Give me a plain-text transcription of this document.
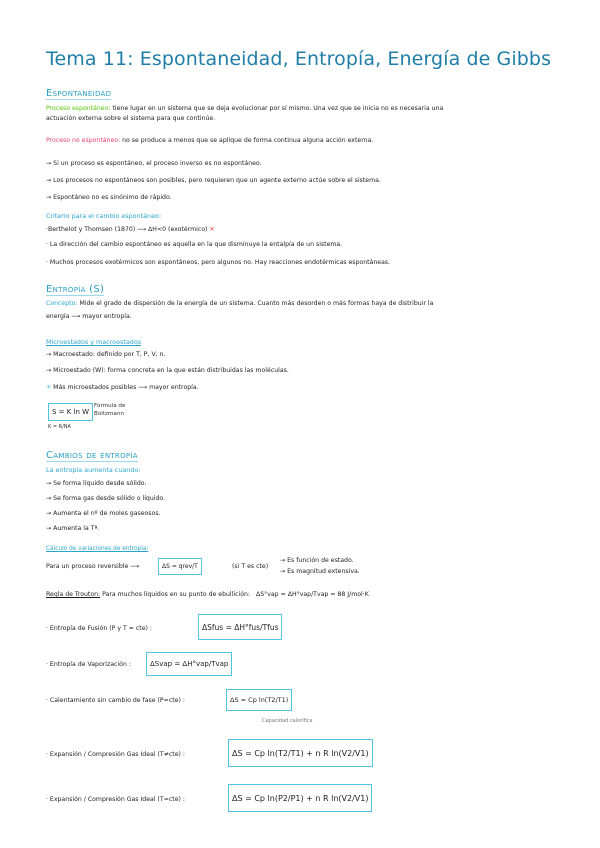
Tema 11: Espontaneidad, Entropía, Energía de Gibbs
Espontaneidad
Proceso espontáneo: tiene lugar en un sistema que se deja evolucionar por sí mismo. Una vez que se inicia no es necesaria una
actuación externa sobre el sistema para que continúe.
Proceso no espontáneo: no se produce a menos que se aplique de forma continua alguna acción externa.
→ Si un proceso es espontáneo, el proceso inverso es no espontáneo.
→ Los procesos no espontáneos son posibles, pero requieren que un agente externo actúe sobre el sistema.
→ Espontáneo no es sinónimo de rápido.
Criterio para el cambio espontáneo:
·Berthelot y Thomsen (1870) ⟶ ΔH<0 (exotérmico) ✕
· La dirección del cambio espontáneo es aquella en la que disminuye la entalpía de un sistema.
· Muchos procesos exotérmicos son espontáneos, pero algunos no. Hay reacciones endotérmicas espontáneas.
Entropía (S)
Concepto: Mide el grado de dispersión de la energía de un sistema. Cuanto más desorden o más formas haya de distribuir la
energía ⟶ mayor entropía.
Microestados y macroestados
→ Macroestado: definido por T, P, V, n.
→ Microestado (W): forma concreta en la que están distribuidas las moléculas.
✳ Más microestados posibles ⟶ mayor entropía.
S = K ln W
Fórmula de
Boltzmann
K = R/NA
Cambios de entropía
La entropía aumenta cuando:
→ Se forma líquido desde sólido.
→ Se forma gas desde sólido o líquido.
→ Aumenta el nº de moles gaseosos.
→ Aumenta la Tª.
Cálculo de variaciones de entropía:
Para un proceso reversible ⟶	ΔS = qrev/T	(si T es cte)
→ Es función de estado.
→ Es magnitud extensiva.
Regla de Trouton: Para muchos líquidos en su punto de ebullición: ΔS°vap = ΔH°vap/Tvap ≈ 88 J/mol·K
· Entropía de Fusión (P y T = cte) :	ΔSfus = ΔH°fus/Tfus
· Entropía de Vaporización :	ΔSvap = ΔH°vap/Tvap
· Calentamiento sin cambio de fase (P=cte) :	ΔS = Cp ln(T2/T1)
Capacidad calorífica
· Expansión / Compresión Gas Ideal (T≠cte) :	ΔS = Cp ln(T2/T1) + n R ln(V2/V1)
· Expansión / Compresión Gas Ideal (T=cte) :	ΔS = Cp ln(P2/P1) + n R ln(V2/V1)
